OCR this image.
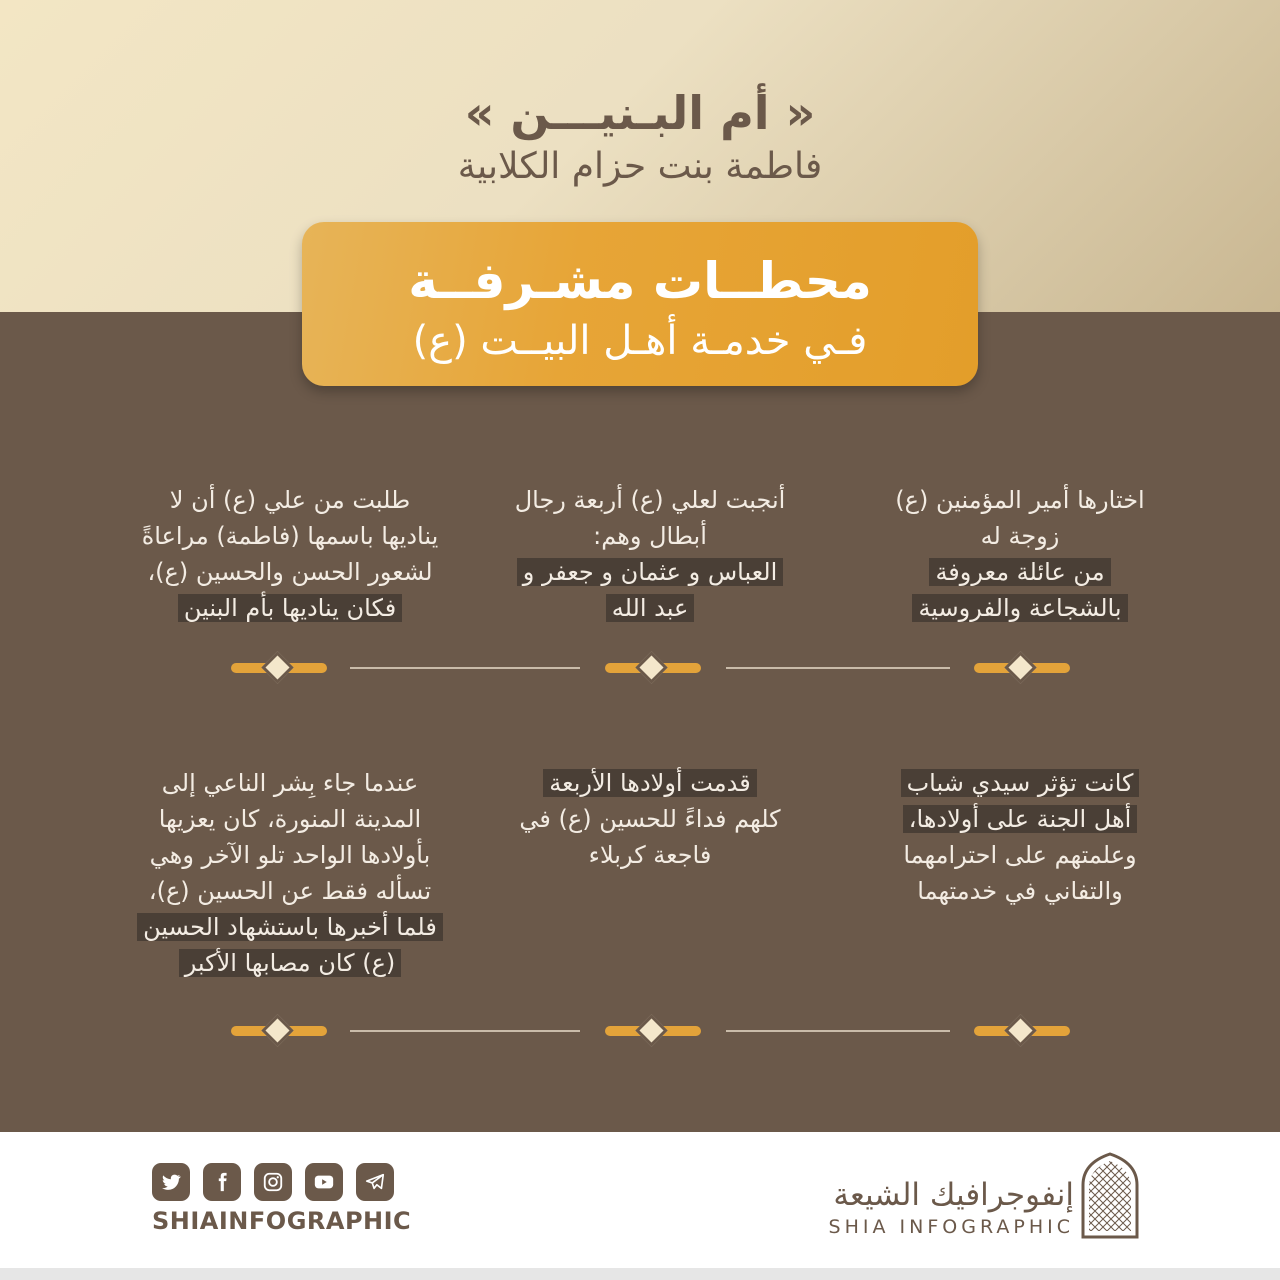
« أم البـنيـــن »
فاطمة بنت حزام الكلابية
محطــات مشـرفــة
فـي خدمـة أهـل البيــت (ع)
اختارها أمير المؤمنين (ع)
زوجة له
من عائلة معروفة
بالشجاعة والفروسية
أنجبت لعلي (ع) أربعة رجال
أبطال وهم:
العباس و عثمان و جعفر و
عبد الله
طلبت من علي (ع) أن لا
يناديها باسمها (فاطمة) مراعاةً
لشعور الحسن والحسين (ع)،
فكان يناديها بأم البنين
كانت تؤثر سيدي شباب
أهل الجنة على أولادها،
وعلمتهم على احترامهما
والتفاني في خدمتهما
قدمت أولادها الأربعة
كلهم فداءً للحسين (ع) في
فاجعة كربلاء
عندما جاء بِشر الناعي إلى
المدينة المنورة، كان يعزيها
بأولادها الواحد تلو الآخر وهي
تسأله فقط عن الحسين (ع)،
فلما أخبرها باستشهاد الحسين
(ع) كان مصابها الأكبر
SHIAINFOGRAPHIC
إنفوجرافيك الشيعة
SHIA INFOGRAPHIC
